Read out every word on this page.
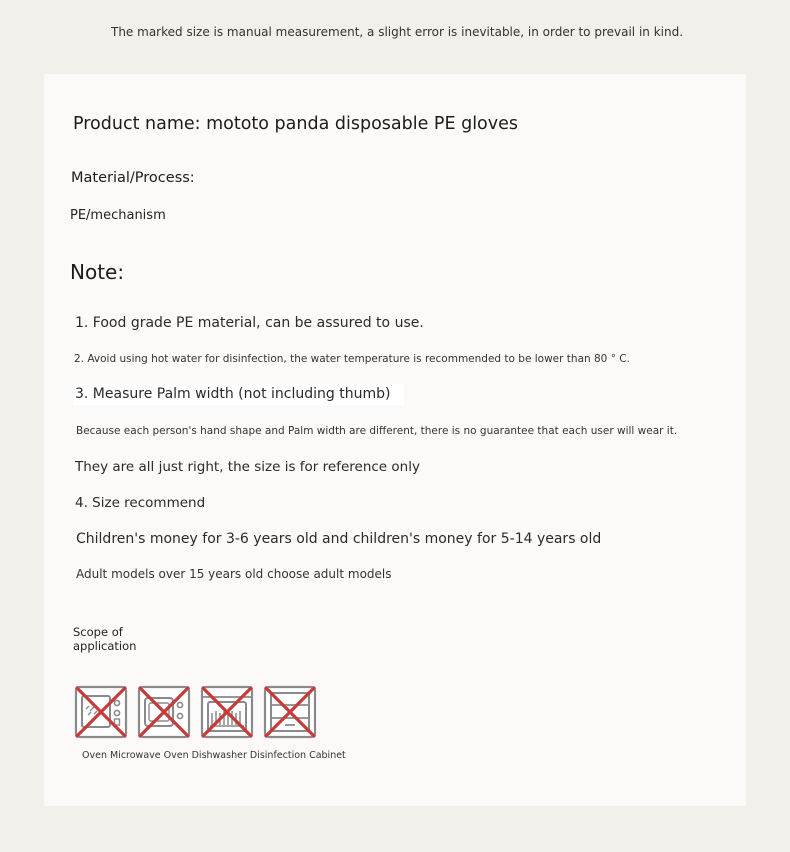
The marked size is manual measurement, a slight error is inevitable, in order to prevail in kind.
Product name: mototo panda disposable PE gloves
Material/Process:
PE/mechanism
Note:
1. Food grade PE material, can be assured to use.
2. Avoid using hot water for disinfection, the water temperature is recommended to be lower than 80 ° C.
3. Measure Palm width (not including thumb)
Because each person's hand shape and Palm width are different, there is no guarantee that each user will wear it.
They are all just right, the size is for reference only
4. Size recommend
Children's money for 3-6 years old and children's money for 5-14 years old
Adult models over 15 years old choose adult models
Scope of application
Oven Microwave Oven Dishwasher Disinfection Cabinet
